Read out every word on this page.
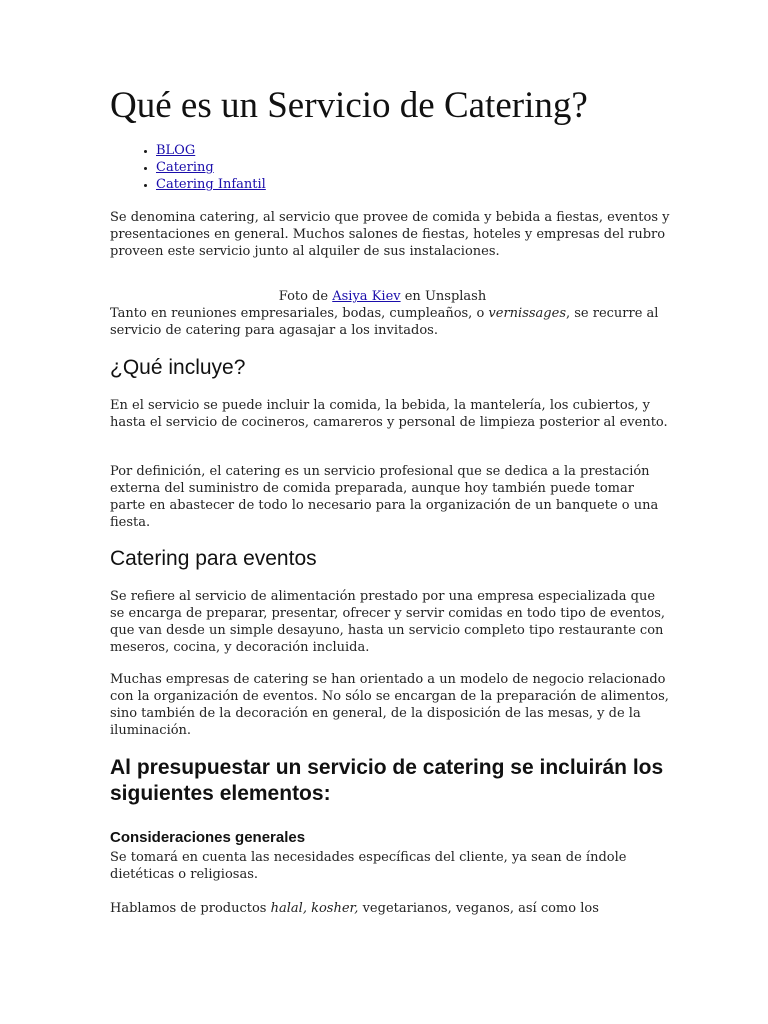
Qué es un Servicio de Catering?
• BLOG
• Catering
• Catering Infantil

Se denomina catering, al servicio que provee de comida y bebida a fiestas, eventos y presentaciones en general. Muchos salones de fiestas, hoteles y empresas del rubro proveen este servicio junto al alquiler de sus instalaciones.

Foto de Asiya Kiev en Unsplash

Tanto en reuniones empresariales, bodas, cumpleaños, o vernissages, se recurre al servicio de catering para agasajar a los invitados.

¿Qué incluye?

En el servicio se puede incluir la comida, la bebida, la mantelería, los cubiertos, y hasta el servicio de cocineros, camareros y personal de limpieza posterior al evento.

Por definición, el catering es un servicio profesional que se dedica a la prestación externa del suministro de comida preparada, aunque hoy también puede tomar parte en abastecer de todo lo necesario para la organización de un banquete o una fiesta.

Catering para eventos

Se refiere al servicio de alimentación prestado por una empresa especializada que se encarga de preparar, presentar, ofrecer y servir comidas en todo tipo de eventos, que van desde un simple desayuno, hasta un servicio completo tipo restaurante con meseros, cocina, y decoración incluida.

Muchas empresas de catering se han orientado a un modelo de negocio relacionado con la organización de eventos. No sólo se encargan de la preparación de alimentos, sino también de la decoración en general, de la disposición de las mesas, y de la iluminación.

Al presupuestar un servicio de catering se incluirán los siguientes elementos:
Consideraciones generales

Se tomará en cuenta las necesidades específicas del cliente, ya sean de índole dietéticas o religiosas.

Hablamos de productos halal, kosher, vegetarianos, veganos, así como los
